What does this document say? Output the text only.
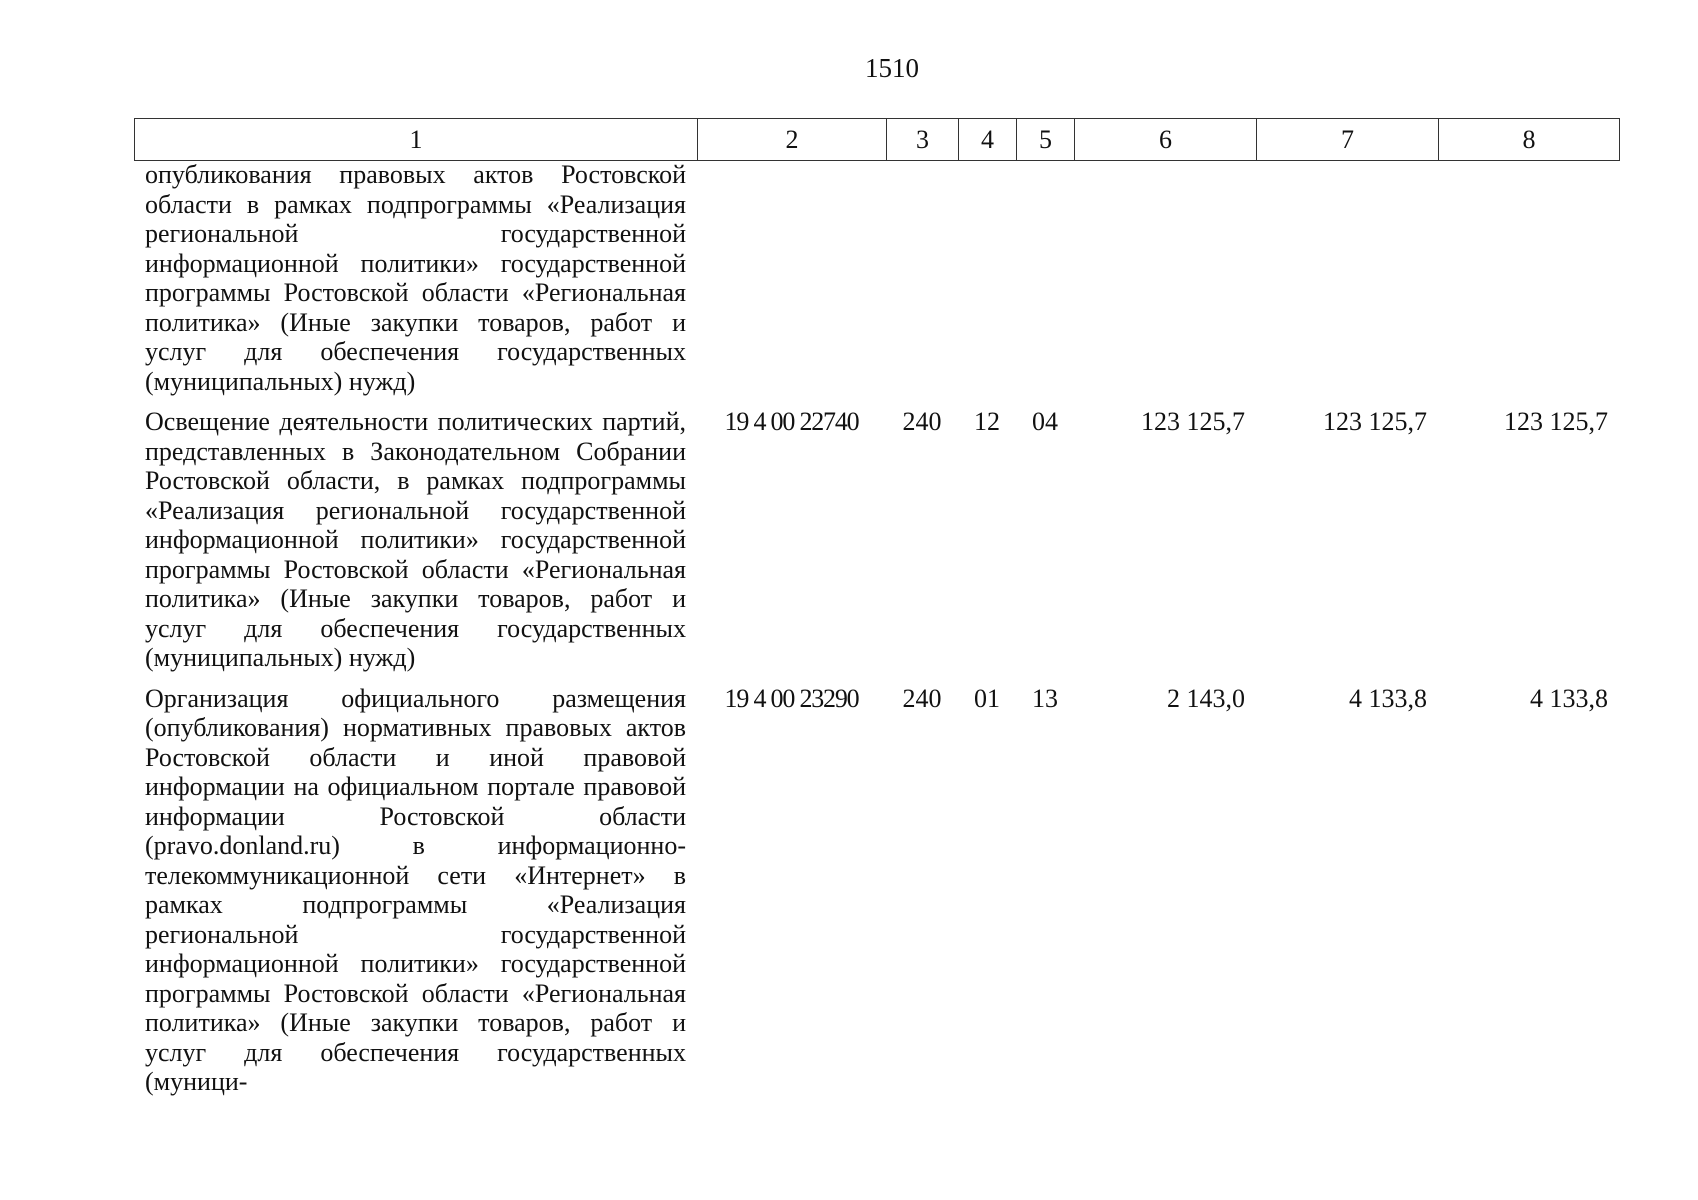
1510
1	2	3	4	5	6	7	8
опубликования правовых актов Ростовской области в рамках подпрограммы «Реализация региональной государственной информационной политики» государственной программы Ростовской области «Региональная политика» (Иные закупки товаров, работ и услуг для обеспечения государственных (муниципальных) нужд)							

Освещение деятельности политических партий, представленных в Законодательном Собрании Ростовской области, в рамках подпрограммы «Реализация региональной государственной информационной политики» государственной программы Ростовской области «Региональная политика» (Иные закупки товаров, работ и услуг для обеспечения государственных (муниципальных) нужд)	19 4 00 22740	240	12	04	123 125,7	123 125,7	123 125,7

Организация официального размещения (опубликования) нормативных правовых актов Ростовской области и иной правовой информации на официальном портале правовой информации Ростовской области (pravo.donland.ru) в информационно-телекоммуникационной сети «Интернет» в рамках подпрограммы «Реализация региональной государственной информационной политики» государственной программы Ростовской области «Региональная политика» (Иные закупки товаров, работ и услуг для обеспечения государственных (муници-	19 4 00 23290	240	01	13	2 143,0	4 133,8	4 133,8
